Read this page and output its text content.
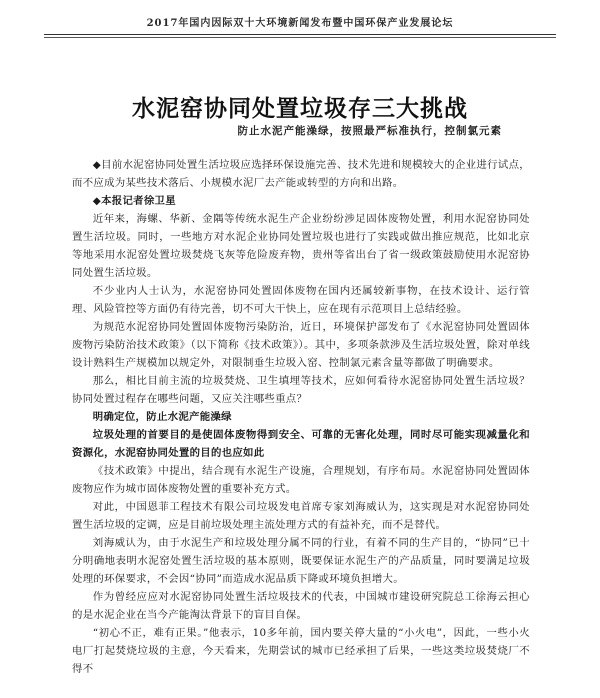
2017年国内因际双十大环境新闻发布暨中国环保产业发展论坛
水泥窑协同处置垃圾存三大挑战
防止水泥产能澡绿，按照最严标准执行，控制氯元素

◆目前水泥窑协同处置生活垃圾应选择环保设施完善、技术先进和规模较大的企业进行试点，而不应成为某些技术落后、小规模水泥厂去产能或转型的方向和出路。

◆本报记者徐卫星

近年来，海螺、华新、金隅等传统水泥生产企业纷纷涉足固体废物处置，利用水泥窑协同处置生活垃圾。同时，一些地方对水泥企业协同处置垃圾也进行了实践或做出推应规范，比如北京等地采用水泥窑处置垃圾焚烧飞灰等危险废弃物，贵州等省出台了省一级政策鼓励使用水泥窑协同处置生活垃圾。

不少业内人士认为，水泥窑协同处置固体废物在国内还属较新事物，在技术设计、运行管理、风险管控等方面仍有待完善，切不可大干快上，应在现有示范项目上总结经验。

为规范水泥窑协同处置固体废物污染防治，近日，环境保护部发布了《水泥窑协同处置固体废物污染防治技术政策》（以下简称《技术政策》）。其中，多项条款涉及生活垃圾处置，除对单线设计熟料生产规模加以规定外，对限制垂生垃圾入窑、控制氯元素含量等都做了明确要求。

那么，相比目前主流的垃圾焚烧、卫生填埋等技术，应如何看待水泥窑协同处置生活垃圾？协同处置过程存在哪些问题，又应关注哪些重点？

明确定位，防止水泥产能澡绿

垃圾处理的首要目的是使固体废物得到安全、可靠的无害化处理，同时尽可能实现减量化和资源化，水泥窑协同处置的目的也应如此

《技术政策》中提出，结合现有水泥生产设施，合理规划，有序布局。水泥窑协同处置固体废物应作为城市固体废物处置的重要补充方式。

对此，中国恩菲工程技术有限公司垃圾发电首席专家刘海威认为，这实现是对水泥窑协同处置生活垃圾的定调，应是目前垃圾处理主流处理方式的有益补充，而不是替代。

刘海威认为，由于水泥生产和垃圾处理分属不同的行业，有着不同的生产目的，“协同”已十分明确地表明水泥窑处置生活垃圾的基本原则，既要保证水泥生产的产品质量，同时要满足垃圾处理的环保要求，不会因“协同”而造成水泥品质下降或环境负担增大。

作为曾经应应对水泥窑协同处置生活垃圾技术的代表，中国城市建设研究院总工徐海云担心的是水泥企业在当今产能淘汰背景下的盲目自保。

“初心不正，难有正果。”他表示，10多年前，国内要关停大量的“小火电”，因此，一些小火电厂打起焚烧垃圾的主意，今天看来，先期尝试的城市已经承担了后果，一些这类垃圾焚烧厂不得不
